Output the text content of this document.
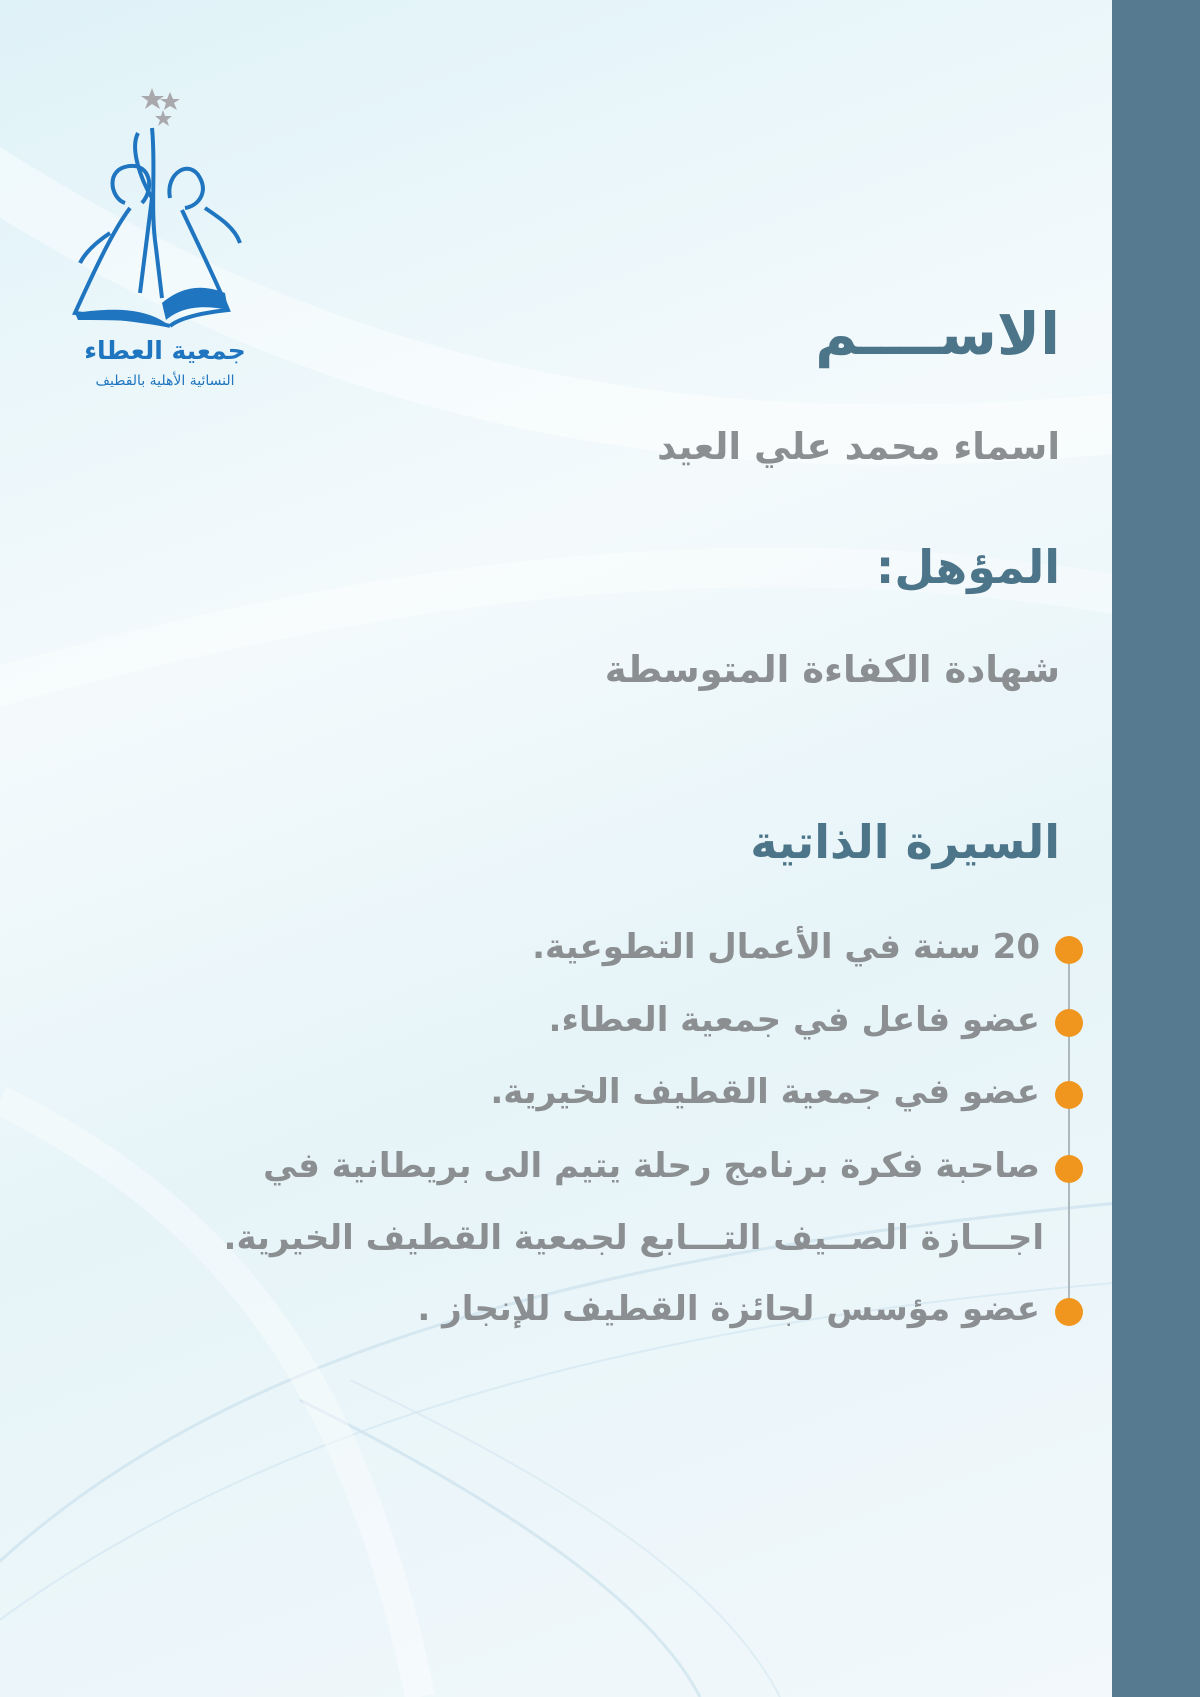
جمعية العطاء
النسائية الأهلية بالقطيف
الاســــم
اسماء محمد علي العيد
المؤهل:
شهادة الكفاءة المتوسطة
السيرة الذاتية
20 سنة في الأعمال التطوعية.
عضو فاعل في جمعية العطاء.
عضو في جمعية القطيف الخيرية.
صاحبة فكرة برنامج رحلة يتيم الى بريطانية في
اجـــازة الصــيف التـــابع لجمعية القطيف الخيرية.
عضو مؤسس لجائزة القطيف للإنجاز .
